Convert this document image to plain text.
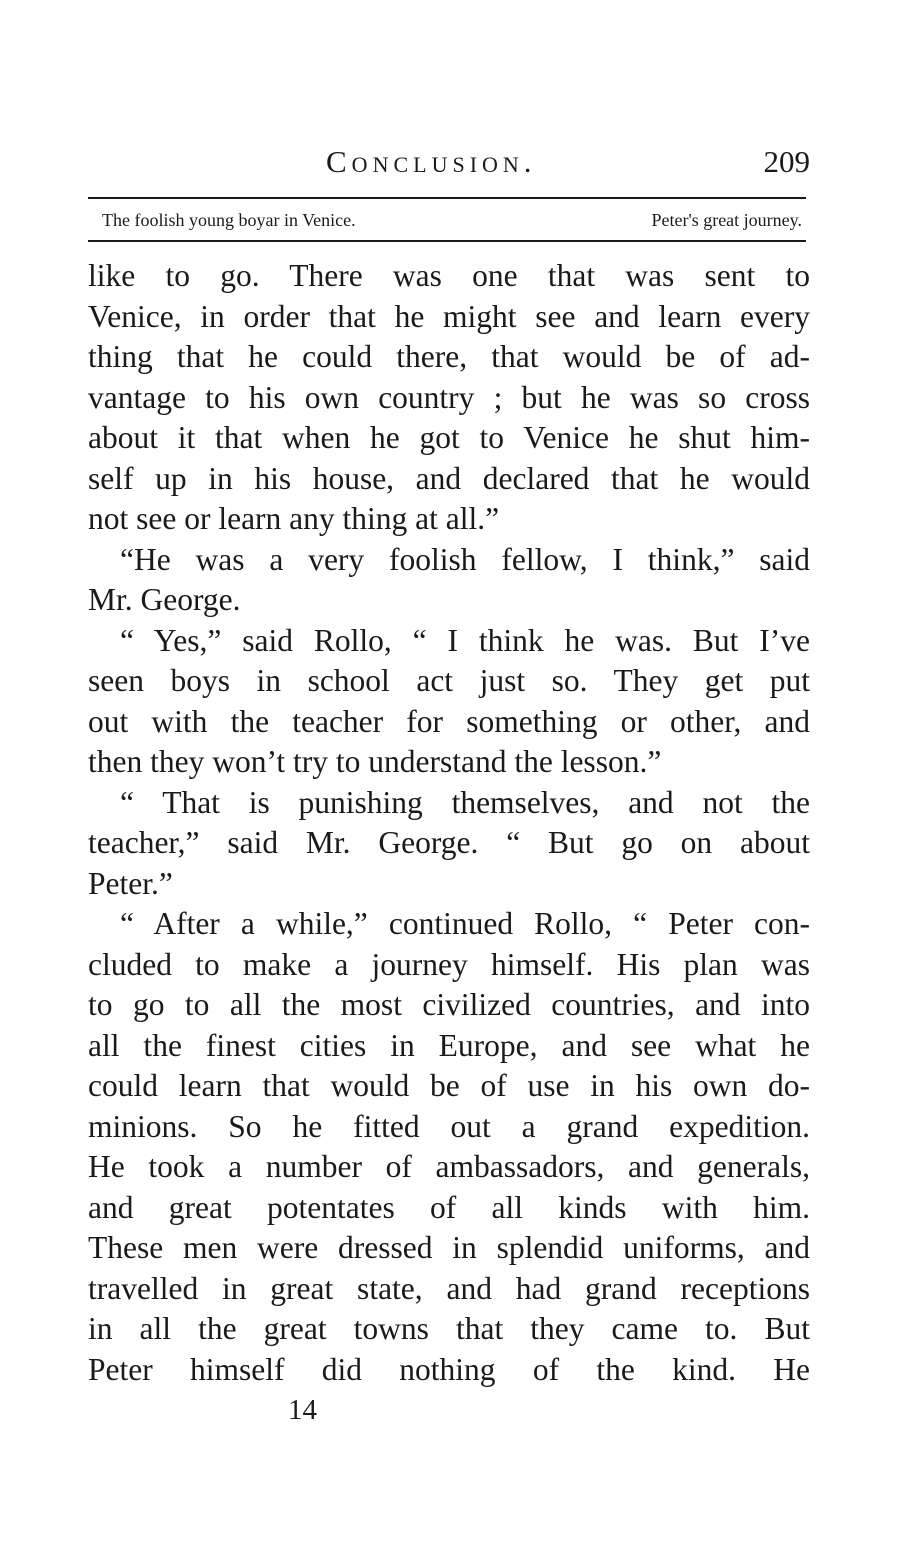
Conclusion.	209
The foolish young boyar in Venice.	Peter's great journey.
like to go. There was one that was sent to
Venice, in order that he might see and learn every
thing that he could there, that would be of ad-
vantage to his own country ; but he was so cross
about it that when he got to Venice he shut him-
self up in his house, and declared that he would
not see or learn any thing at all.”
“He was a very foolish fellow, I think,” said
Mr. George.
“ Yes,” said Rollo, “ I think he was. But I’ve
seen boys in school act just so. They get put
out with the teacher for something or other, and
then they won’t try to understand the lesson.”
“ That is punishing themselves, and not the
teacher,” said Mr. George. “ But go on about
Peter.”
“ After a while,” continued Rollo, “ Peter con-
cluded to make a journey himself. His plan was
to go to all the most civilized countries, and into
all the finest cities in Europe, and see what he
could learn that would be of use in his own do-
minions. So he fitted out a grand expedition.
He took a number of ambassadors, and generals,
and great potentates of all kinds with him.
These men were dressed in splendid uniforms, and
travelled in great state, and had grand receptions
in all the great towns that they came to. But
Peter himself did nothing of the kind. He
14
